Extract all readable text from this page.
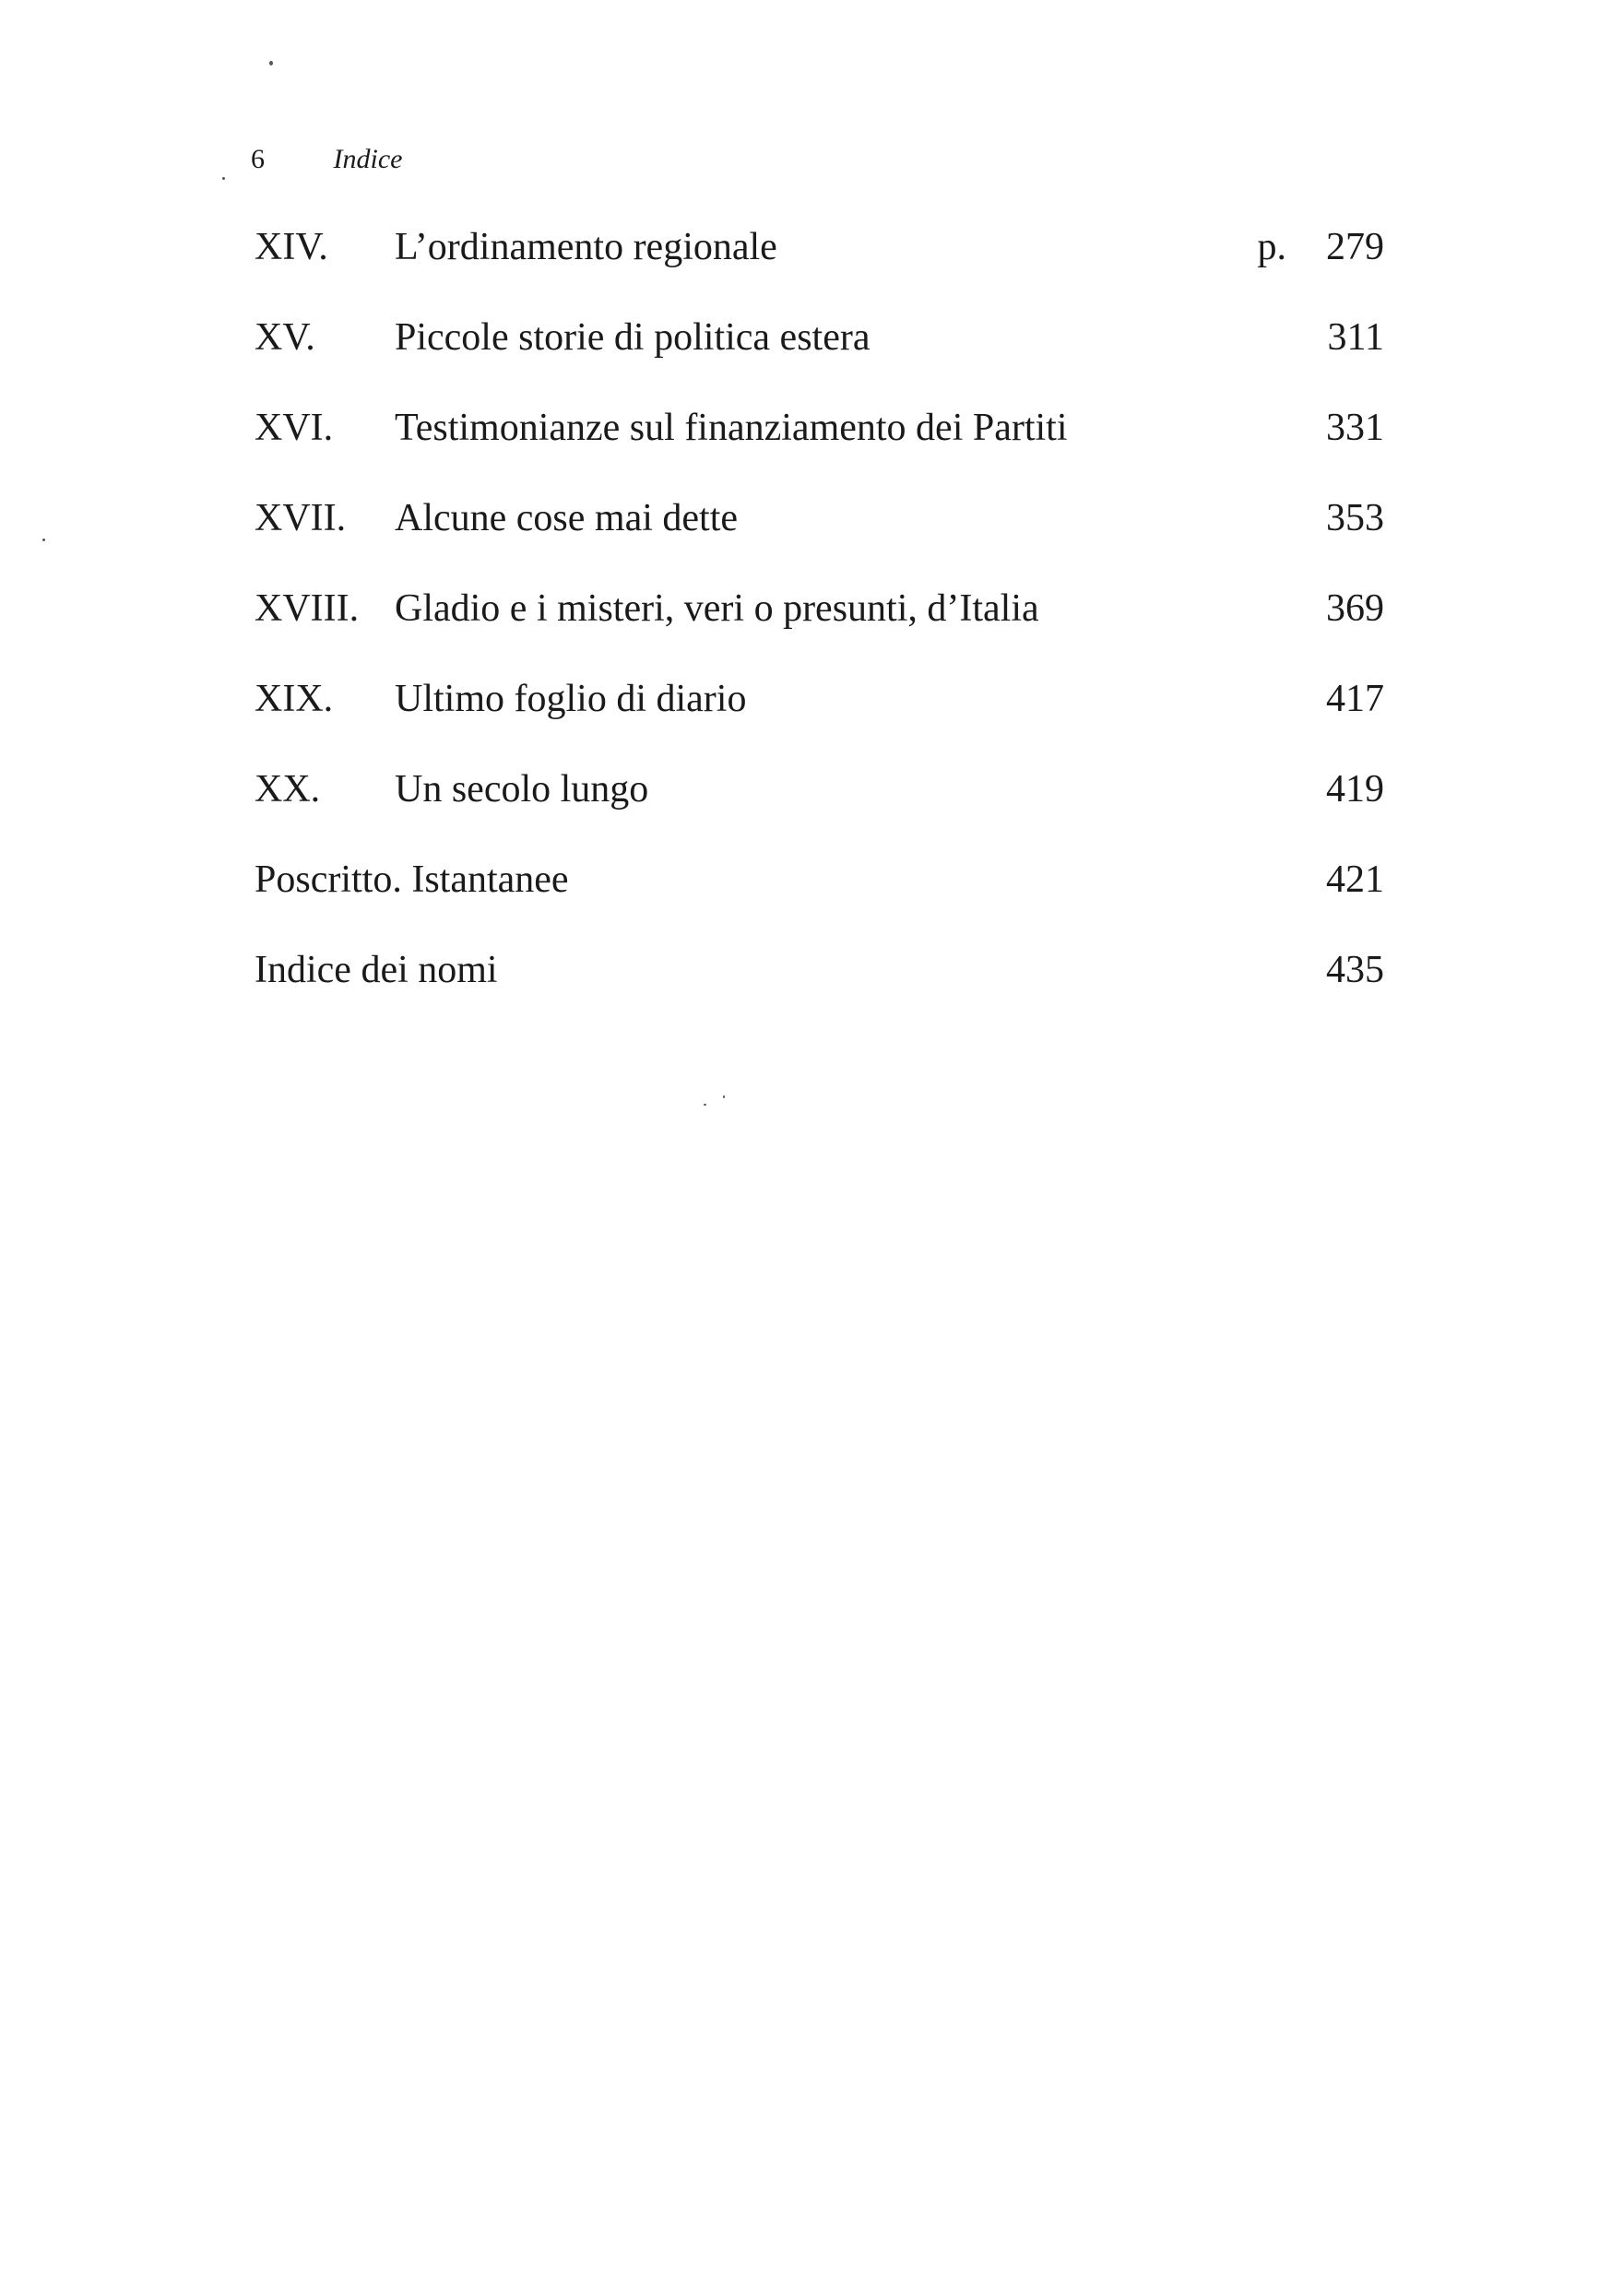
6 Indice
XIV. L’ordinamento regionale	p. 279
XV. Piccole storie di politica estera	311
XVI. Testimonianze sul finanziamento dei Partiti	331
XVII. Alcune cose mai dette	353
XVIII. Gladio e i misteri, veri o presunti, d’Italia	369
XIX. Ultimo foglio di diario	417
XX. Un secolo lungo	419
Poscritto. Istantanee	421
Indice dei nomi	435
